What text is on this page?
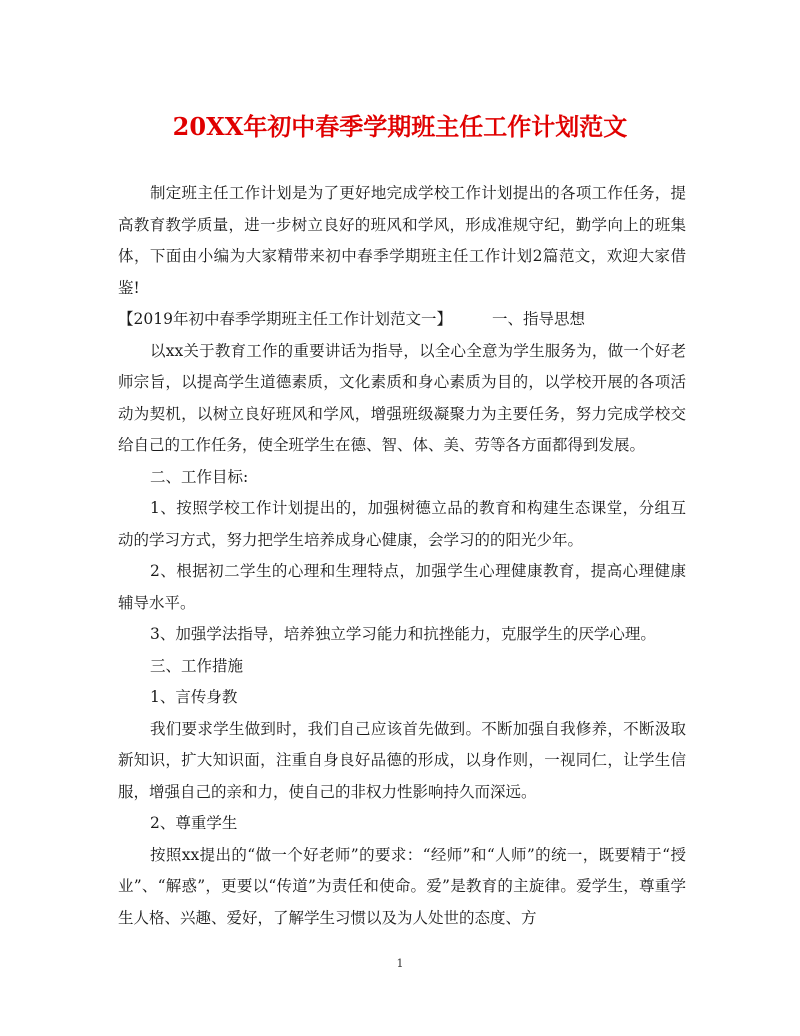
20XX年初中春季学期班主任工作计划范文

制定班主任工作计划是为了更好地完成学校工作计划提出的各项工作任务，提高教育教学质量，进一步树立良好的班风和学风，形成准规守纪，勤学向上的班集体，下面由小编为大家精带来初中春季学期班主任工作计划2篇范文，欢迎大家借鉴!

【2019年初中春季学期班主任工作计划范文一】	一、指导思想

以xx关于教育工作的重要讲话为指导，以全心全意为学生服务为，做一个好老师宗旨，以提高学生道德素质，文化素质和身心素质为目的，以学校开展的各项活动为契机，以树立良好班风和学风，增强班级凝聚力为主要任务，努力完成学校交给自己的工作任务，使全班学生在德、智、体、美、劳等各方面都得到发展。

二、工作目标:

1、按照学校工作计划提出的，加强树德立品的教育和构建生态课堂，分组互动的学习方式，努力把学生培养成身心健康，会学习的的阳光少年。

2、根据初二学生的心理和生理特点，加强学生心理健康教育，提高心理健康辅导水平。

3、加强学法指导，培养独立学习能力和抗挫能力，克服学生的厌学心理。

三、工作措施

1、言传身教

我们要求学生做到时，我们自己应该首先做到。不断加强自我修养，不断汲取新知识，扩大知识面，注重自身良好品德的形成，以身作则，一视同仁，让学生信服，增强自己的亲和力，使自己的非权力性影响持久而深远。

2、尊重学生

按照xx提出的“做一个好老师”的要求：“经师”和“人师”的统一，既要精于“授业”、“解惑”，更要以“传道”为责任和使命。爱”是教育的主旋律。爱学生，尊重学生人格、兴趣、爱好，了解学生习惯以及为人处世的态度、方

1
